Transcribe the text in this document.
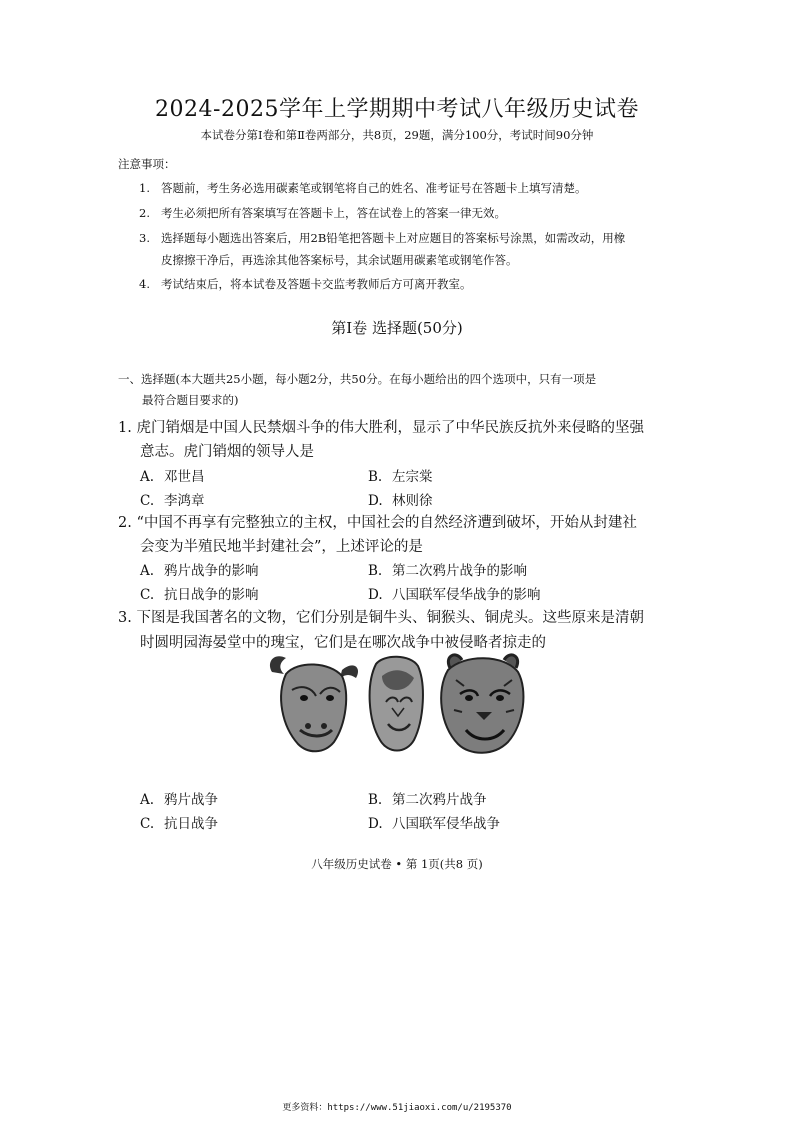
2024-2025学年上学期期中考试八年级历史试卷
本试卷分第Ⅰ卷和第Ⅱ卷两部分，共8页，29题，满分100分，考试时间90分钟
注意事项：
1. 答题前，考生务必选用碳素笔或钢笔将自己的姓名、准考证号在答题卡上填写清楚。
2. 考生必须把所有答案填写在答题卡上，答在试卷上的答案一律无效。
3. 选择题每小题选出答案后，用2B铅笔把答题卡上对应题目的答案标号涂黑，如需改动，用橡
皮擦擦干净后，再选涂其他答案标号，其余试题用碳素笔或钢笔作答。
4. 考试结束后，将本试卷及答题卡交监考教师后方可离开教室。
第Ⅰ卷 选择题(50分)
一、选择题(本大题共25小题，每小题2分，共50分。在每小题给出的四个选项中，只有一项是
最符合题目要求的)
1. 虎门销烟是中国人民禁烟斗争的伟大胜利，显示了中华民族反抗外来侵略的坚强
意志。虎门销烟的领导人是
A. 邓世昌	B. 左宗棠
C. 李鸿章	D. 林则徐
2. “中国不再享有完整独立的主权，中国社会的自然经济遭到破坏，开始从封建社
会变为半殖民地半封建社会”，上述评论的是
A. 鸦片战争的影响	B. 第二次鸦片战争的影响
C. 抗日战争的影响	D. 八国联军侵华战争的影响
3. 下图是我国著名的文物，它们分别是铜牛头、铜猴头、铜虎头。这些原来是清朝
时圆明园海晏堂中的瑰宝，它们是在哪次战争中被侵略者掠走的
A. 鸦片战争	B. 第二次鸦片战争
C. 抗日战争	D. 八国联军侵华战争
八年级历史试卷 • 第 1页(共8 页)
更多资料：https://www.51jiaoxi.com/u/2195370
